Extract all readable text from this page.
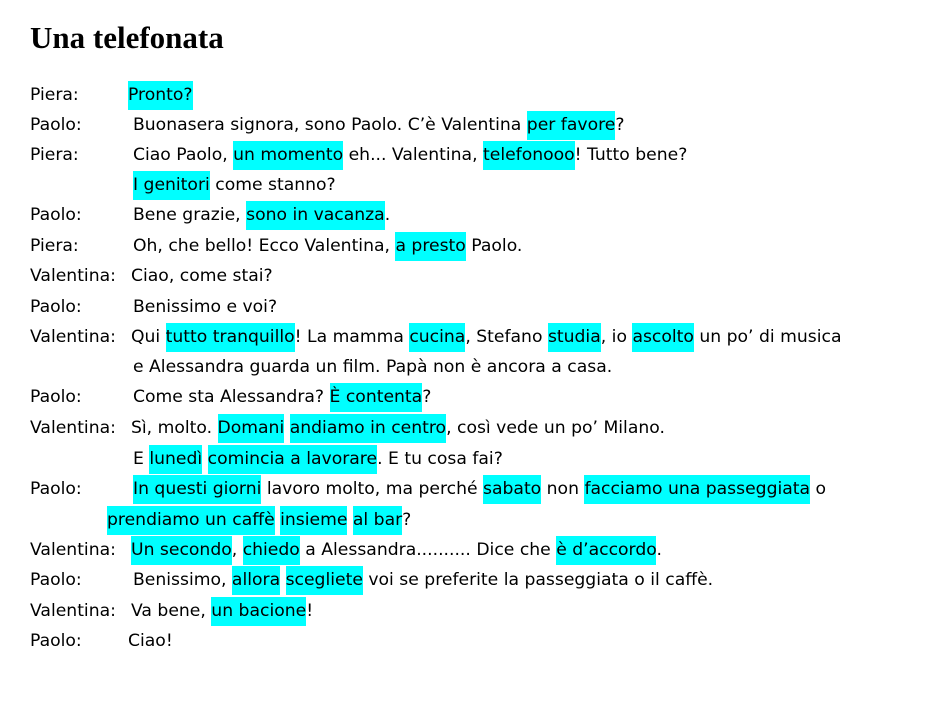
Una telefonata
Piera:	Pronto?
Paolo:	Buonasera signora, sono Paolo. C’è Valentina per favore?
Piera:	Ciao Paolo, un momento eh... Valentina, telefonooo! Tutto bene?
I genitori come stanno?
Paolo:	Bene grazie, sono in vacanza.
Piera:	Oh, che bello! Ecco Valentina, a presto Paolo.
Valentina: Ciao, come stai?
Paolo:	Benissimo e voi?
Valentina: Qui tutto tranquillo! La mamma cucina, Stefano studia, io ascolto un po’ di musica
e Alessandra guarda un film. Papà non è ancora a casa.
Paolo:	Come sta Alessandra? È contenta?
Valentina: Sì, molto. Domani andiamo in centro, così vede un po’ Milano.
E lunedì comincia a lavorare. E tu cosa fai?
Paolo:	In questi giorni lavoro molto, ma perché sabato non facciamo una passeggiata o
prendiamo un caffè insieme al bar?
Valentina: Un secondo, chiedo a Alessandra.......... Dice che è d’accordo.
Paolo:	Benissimo, allora scegliete voi se preferite la passeggiata o il caffè.
Valentina: Va bene, un bacione!
Paolo:	Ciao!
